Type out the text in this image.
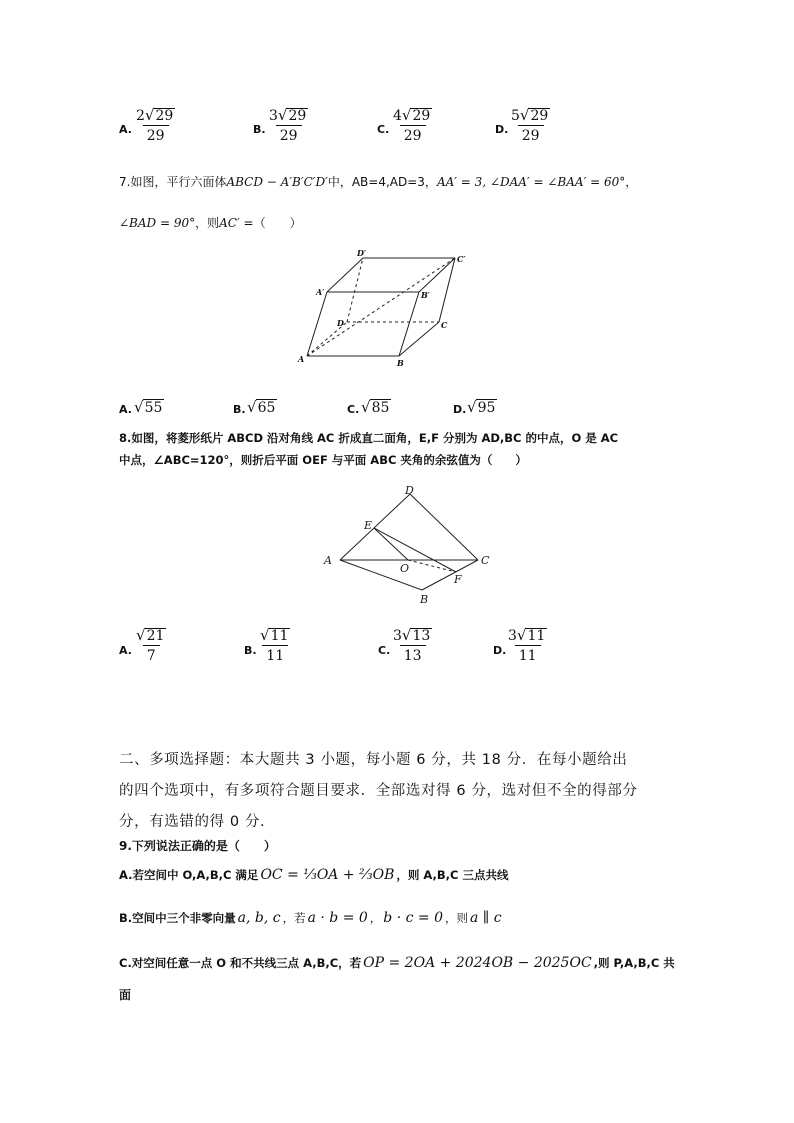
A. $\frac{2 √ 29}{29}$	B. $\frac{3 √ 29}{29}$	C. $\frac{4 √ 29}{29}$	D. $\frac{5 √ 29}{29}$
7.如图，平行六面体ABCD − A′B′C′D′中，AB=4,AD=3，AA′ = 3, ∠DAA′ = ∠BAA′ = 60°，
∠BAD = 90°，则AC′ =（　　）
A	B
C
D
A′	B′
C′
D′
A. √ 55	B. √ 65	C. √ 85	D. √ 95
8.如图，将菱形纸片 ABCD 沿对角线 AC 折成直二面角，E,F 分别为 AD,BC 的中点，O 是 AC
中点，∠ABC=120°，则折后平面 OEF 与平面 ABC 夹角的余弦值为（　　）
A
B
C
D
E
F
O
A. $\frac{√ 21}{7}$	B. $\frac{√ 11}{11}$	C. $\frac{3 √ 13}{13}$	D. $\frac{3 √ 11}{11}$
二、多项选择题：本大题共 3 小题，每小题 6 分，共 18 分．在每小题给出
的四个选项中，有多项符合题目要求．全部选对得 6 分，选对但不全的得部分
分，有选错的得 0 分.
9.下列说法正确的是（　　）
A.若空间中 O,A,B,C 满足 OC = ⅓OA + ⅔OB ，则 A,B,C 三点共线
B.空间中三个非零向量 a, b, c ，若 a · b = 0 ， b · c = 0 ，则 a ∥ c
C.对空间任意一点 O 和不共线三点 A,B,C，若 OP = 2OA + 2024OB − 2025OC ,则 P,A,B,C 共
面
